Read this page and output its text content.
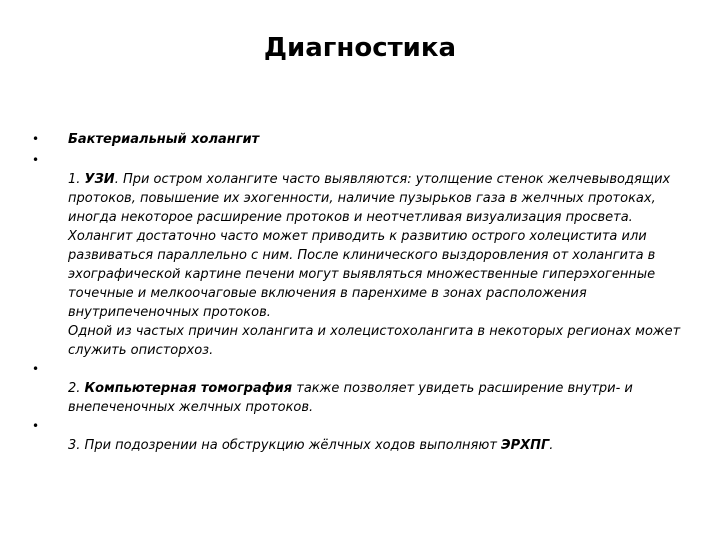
Диагностика
• Бактериальный холангит
•
1. УЗИ. При остром холангите часто выявляются: утолщение стенок желчевыводящих протоков, повышение их эхогенности, наличие пузырьков газа в желчных протоках, иногда некоторое расширение протоков и неотчетливая визуализация просвета.
Холангит достаточно часто может приводить к развитию острого холецистита или развиваться параллельно с ним. После клинического выздоровления от холангита в эхографической картине печени могут выявляться множественные гиперэхогенные точечные и мелкоочаговые включения в паренхиме в зонах расположения внутрипеченочных протоков.
Одной из частых причин холангита и холецистохолангита в некоторых регионах может служить описторхоз.
•
2. Компьютерная томография также позволяет увидеть расширение внутри- и внепеченочных желчных протоков.
•
3. При подозрении на обструкцию жёлчных ходов выполняют ЭРХПГ.
